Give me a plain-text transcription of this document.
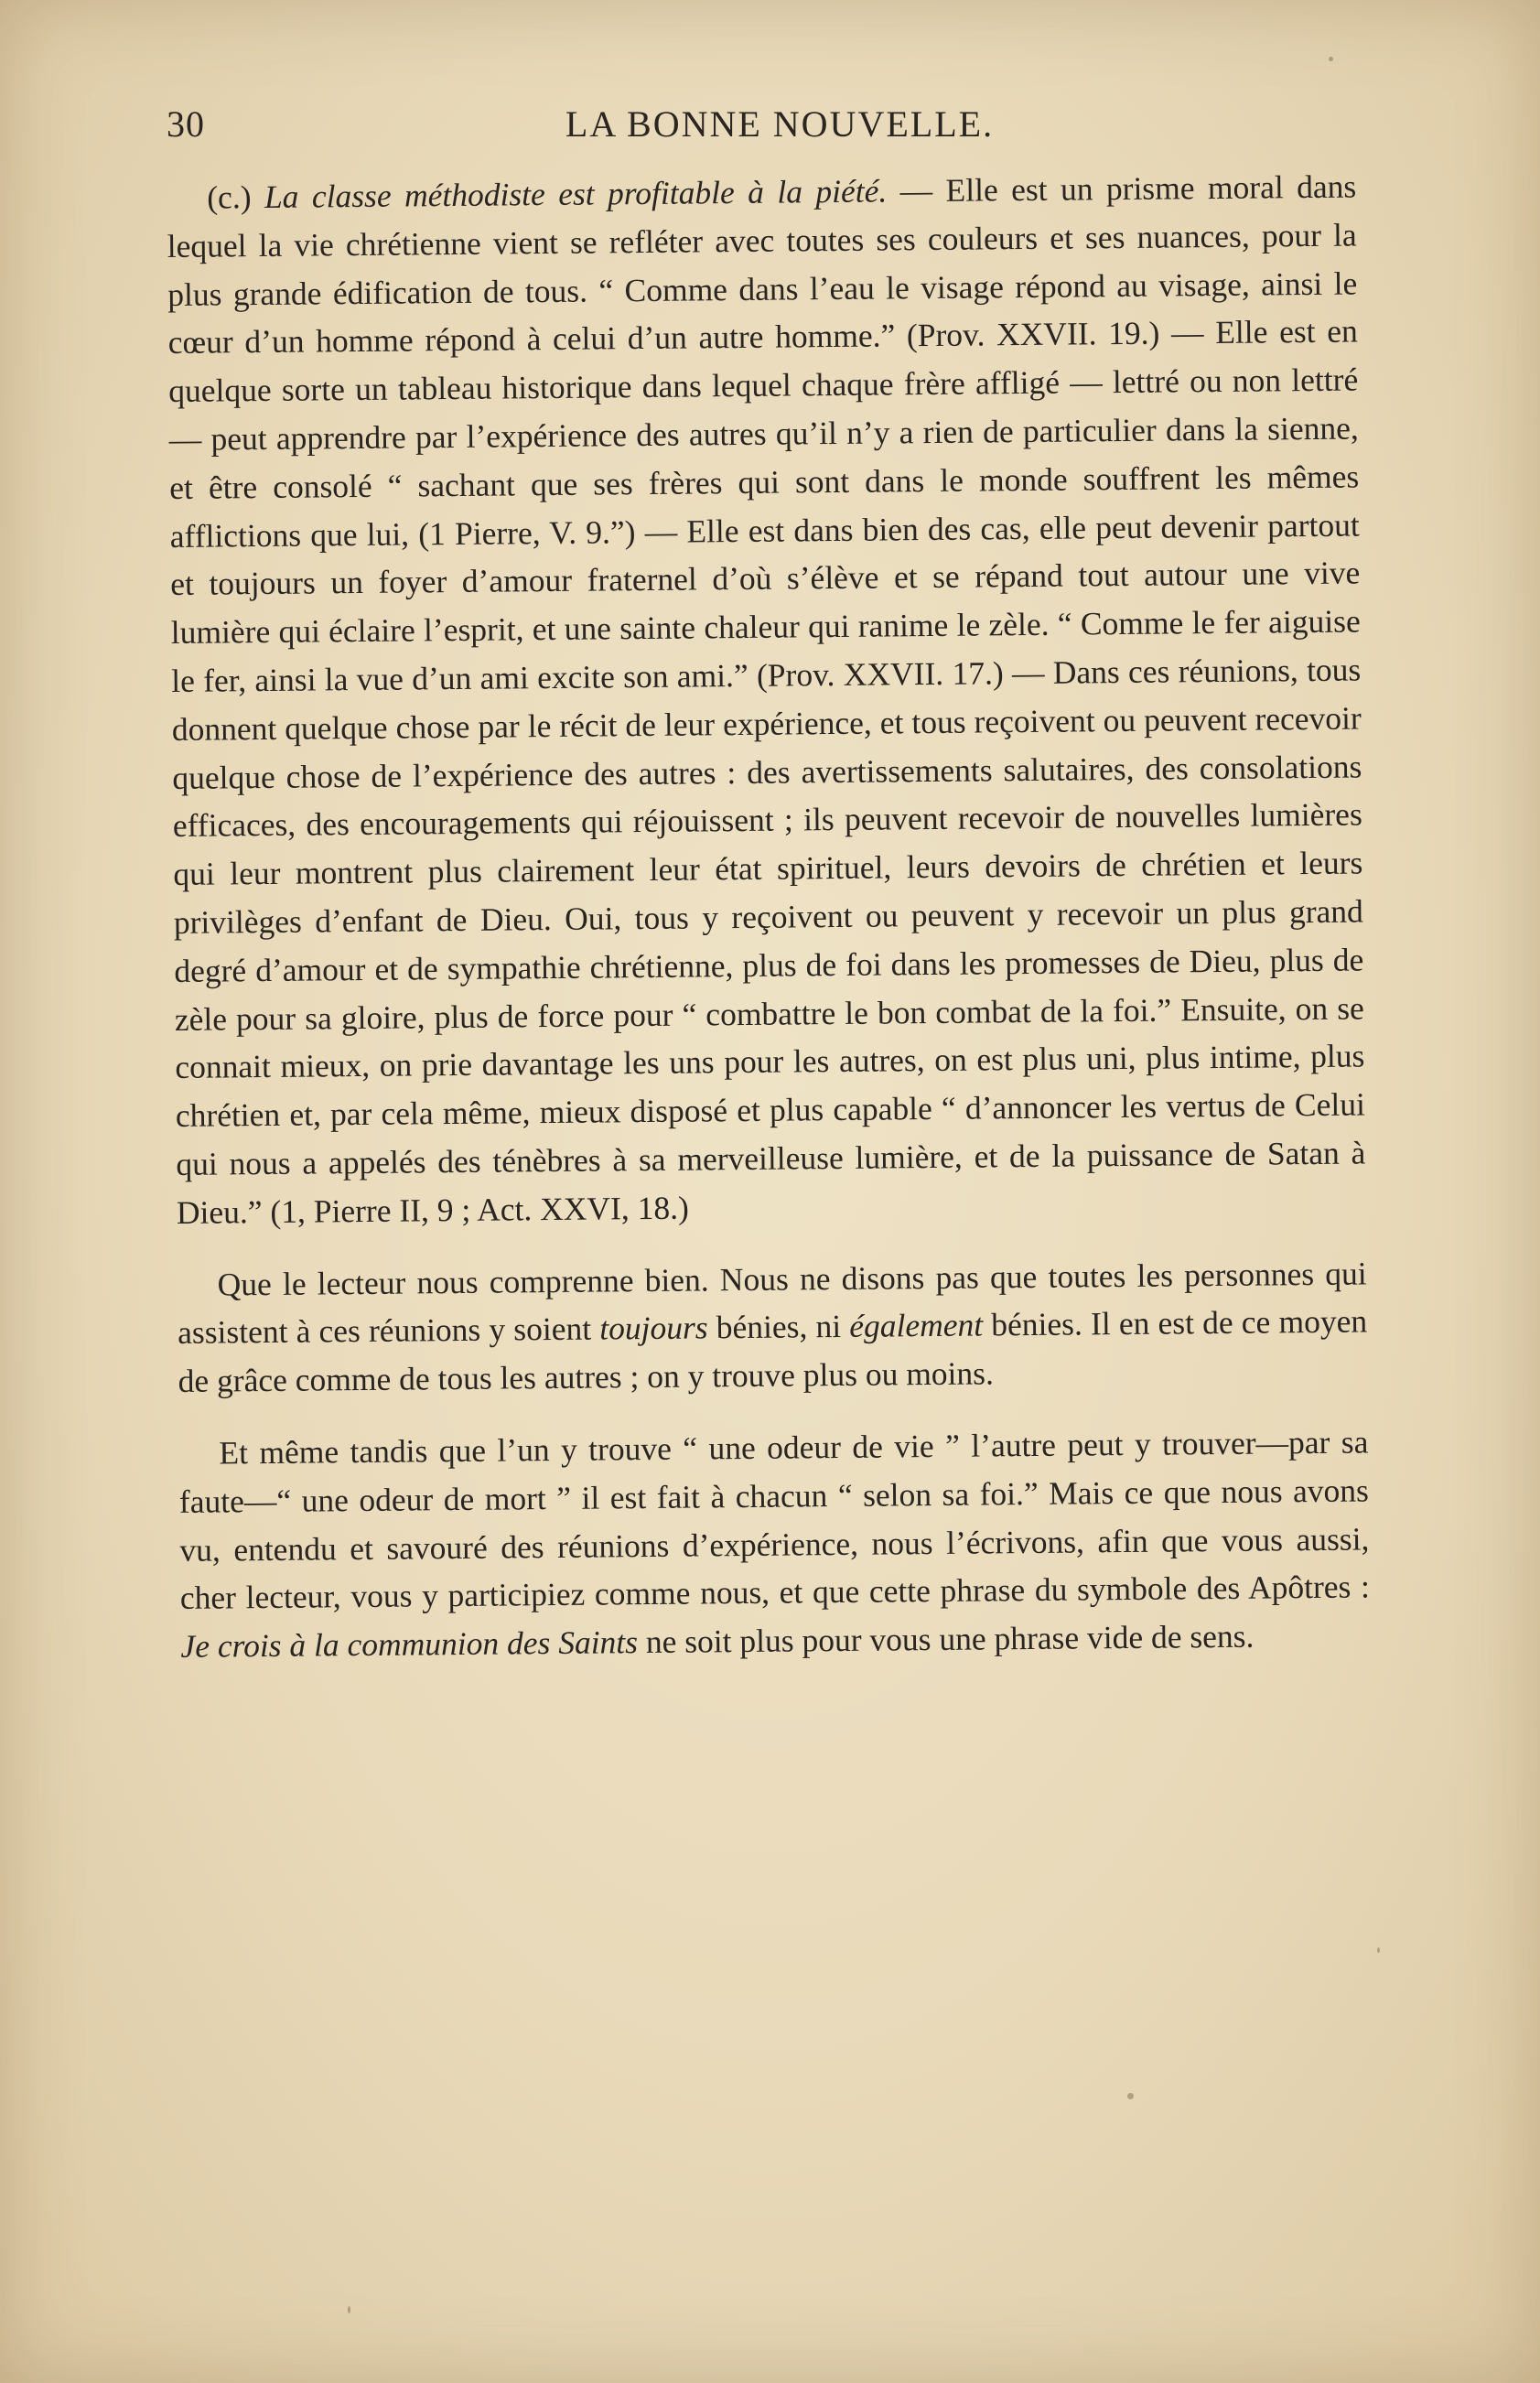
30	LA BONNE NOUVELLE.

(c.) La classe méthodiste est profitable à la piété. — Elle est un prisme moral dans lequel la vie chrétienne vient se refléter avec toutes ses couleurs et ses nuances, pour la plus grande édification de tous. “ Comme dans l’eau le visage répond au visage, ainsi le cœur d’un homme répond à celui d’un autre homme.” (Prov. XXVII. 19.) — Elle est en quelque sorte un tableau historique dans lequel chaque frère affligé — lettré ou non lettré — peut apprendre par l’expérience des autres qu’il n’y a rien de particulier dans la sienne, et être consolé “ sachant que ses frères qui sont dans le monde souffrent les mêmes afflictions que lui, (1 Pierre, V. 9.”) — Elle est dans bien des cas, elle peut devenir partout et toujours un foyer d’amour fraternel d’où s’élève et se répand tout autour une vive lumière qui éclaire l’esprit, et une sainte chaleur qui ranime le zèle. “ Comme le fer aiguise le fer, ainsi la vue d’un ami excite son ami.” (Prov. XXVII. 17.) — Dans ces réunions, tous donnent quelque chose par le récit de leur expérience, et tous reçoivent ou peuvent recevoir quelque chose de l’expérience des autres : des avertissements salutaires, des consolations efficaces, des encouragements qui réjouissent ; ils peuvent recevoir de nouvelles lumières qui leur montrent plus clairement leur état spirituel, leurs devoirs de chrétien et leurs privilèges d’enfant de Dieu. Oui, tous y reçoivent ou peuvent y recevoir un plus grand degré d’amour et de sympathie chrétienne, plus de foi dans les promesses de Dieu, plus de zèle pour sa gloire, plus de force pour “ combattre le bon combat de la foi.” Ensuite, on se connait mieux, on prie davantage les uns pour les autres, on est plus uni, plus intime, plus chrétien et, par cela même, mieux disposé et plus capable “ d’annoncer les vertus de Celui qui nous a appelés des ténèbres à sa merveilleuse lumière, et de la puissance de Satan à Dieu.” (1, Pierre II, 9 ; Act. XXVI, 18.)

Que le lecteur nous comprenne bien. Nous ne disons pas que toutes les personnes qui assistent à ces réunions y soient toujours bénies, ni également bénies. Il en est de ce moyen de grâce comme de tous les autres ; on y trouve plus ou moins.

Et même tandis que l’un y trouve “ une odeur de vie ” l’autre peut y trouver—par sa faute—“ une odeur de mort ” il est fait à chacun “ selon sa foi.” Mais ce que nous avons vu, entendu et savouré des réunions d’expérience, nous l’écrivons, afin que vous aussi, cher lecteur, vous y participiez comme nous, et que cette phrase du symbole des Apôtres : Je crois à la communion des Saints ne soit plus pour vous une phrase vide de sens.
